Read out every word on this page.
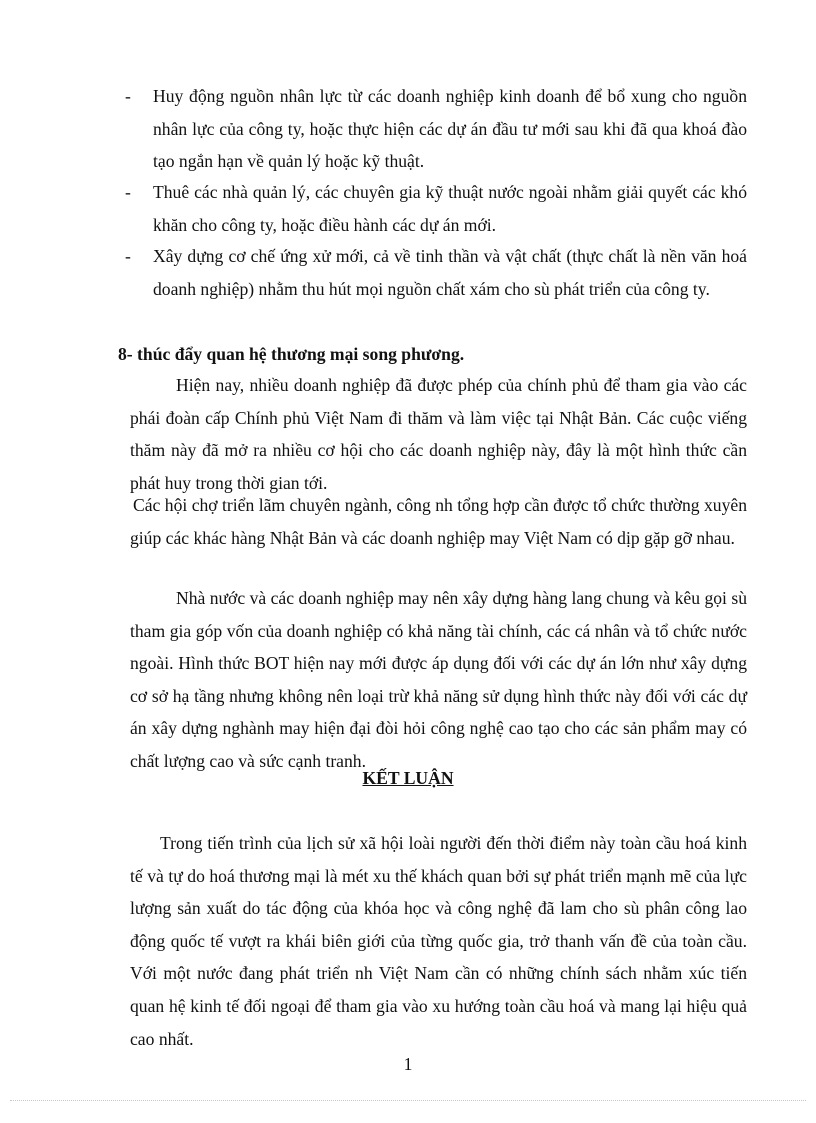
-	Huy động nguồn nhân lực từ các doanh nghiệp kinh doanh để bổ xung cho nguồn nhân lực của công ty, hoặc thực hiện các dự án đầu tư mới sau khi đã qua khoá đào tạo ngắn hạn về quản lý hoặc kỹ thuật.
-	Thuê các nhà quản lý, các chuyên gia kỹ thuật nước ngoài nhằm giải quyết các khó khăn cho công ty, hoặc điều hành các dự án mới.
-	Xây dựng cơ chế ứng xử mới, cả về tinh thần và vật chất (thực chất là nền văn hoá doanh nghiệp) nhằm thu hút mọi nguồn chất xám cho sù phát triển của công ty.
8- thúc đẩy quan hệ thương mại song phương.

Hiện nay, nhiều doanh nghiệp đã được phép của chính phủ để tham gia vào các phái đoàn cấp Chính phủ Việt Nam đi thăm và làm việc tại Nhật Bản. Các cuộc viếng thăm này đã mở ra nhiều cơ hội cho các doanh nghiệp này, đây là một hình thức cần phát huy trong thời gian tới.

Các hội chợ triển lãm chuyên ngành, công nh tổng hợp cần được tổ chức thường xuyên giúp các khác hàng Nhật Bản và các doanh nghiệp may Việt Nam có dịp gặp gỡ nhau.

Nhà nước và các doanh nghiệp may nên xây dựng hàng lang chung và kêu gọi sù tham gia góp vốn của doanh nghiệp có khả năng tài chính, các cá nhân và tổ chức nước ngoài. Hình thức BOT hiện nay mới được áp dụng đối với các dự án lớn như xây dựng cơ sở hạ tầng nhưng không nên loại trừ khả năng sử dụng hình thức này đối với các dự án xây dựng nghành may hiện đại đòi hỏi công nghệ cao tạo cho các sản phẩm may có chất lượng cao và sức cạnh tranh.

KẾT LUẬN

Trong tiến trình của lịch sử xã hội loài người đến thời điểm này toàn cầu hoá kinh tế và tự do hoá thương mại là mét xu thế khách quan bởi sự phát triển mạnh mẽ của lực lượng sản xuất do tác động của khóa học và công nghệ đã lam cho sù phân công lao động quốc tế vượt ra khái biên giới của từng quốc gia, trở thanh vấn đề của toàn cầu. Với một nước đang phát triển nh Việt Nam cần có những chính sách nhằm xúc tiến quan hệ kinh tế đối ngoại để tham gia vào xu hướng toàn cầu hoá và mang lại hiệu quả cao nhất.

1
